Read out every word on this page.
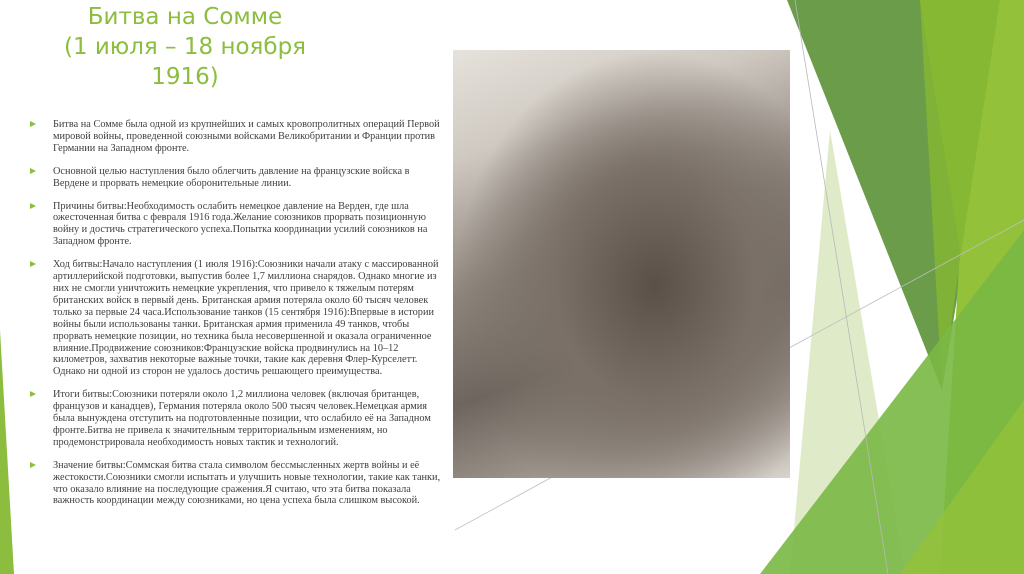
Битва на Сомме
(1 июля – 18 ноября
1916)
Битва на Сомме была одной из крупнейших и самых кровопролитных операций Первой мировой войны, проведенной союзными войсками Великобритании и Франции против Германии на Западном фронте.
Основной целью наступления было облегчить давление на французские войска в Вердене и прорвать немецкие оборонительные линии.
Причины битвы:Необходимость ослабить немецкое давление на Верден, где шла ожесточенная битва с февраля 1916 года.Желание союзников прорвать позиционную войну и достичь стратегического успеха.Попытка координации усилий союзников на Западном фронте.
Ход битвы:Начало наступления (1 июля 1916):Союзники начали атаку с массированной артиллерийской подготовки, выпустив более 1,7 миллиона снарядов. Однако многие из них не смогли уничтожить немецкие укрепления, что привело к тяжелым потерям британских войск в первый день. Британская армия потеряла около 60 тысяч человек только за первые 24 часа.Использование танков (15 сентября 1916):Впервые в истории войны были использованы танки. Британская армия применила 49 танков, чтобы прорвать немецкие позиции, но техника была несовершенной и оказала ограниченное влияние.Продвижение союзников:Французские войска продвинулись на 10–12 километров, захватив некоторые важные точки, такие как деревня Флер-Курселетт. Однако ни одной из сторон не удалось достичь решающего преимущества.
Итоги битвы:Союзники потеряли около 1,2 миллиона человек (включая британцев, французов и канадцев), Германия потеряла около 500 тысяч человек.Немецкая армия была вынуждена отступить на подготовленные позиции, что ослабило её на Западном фронте.Битва не привела к значительным территориальным изменениям, но продемонстрировала необходимость новых тактик и технологий.
Значение битвы:Соммская битва стала символом бессмысленных жертв войны и её жестокости.Союзники смогли испытать и улучшить новые технологии, такие как танки, что оказало влияние на последующие сражения.Я считаю, что эта битва показала важность координации между союзниками, но цена успеха была слишком высокой.
